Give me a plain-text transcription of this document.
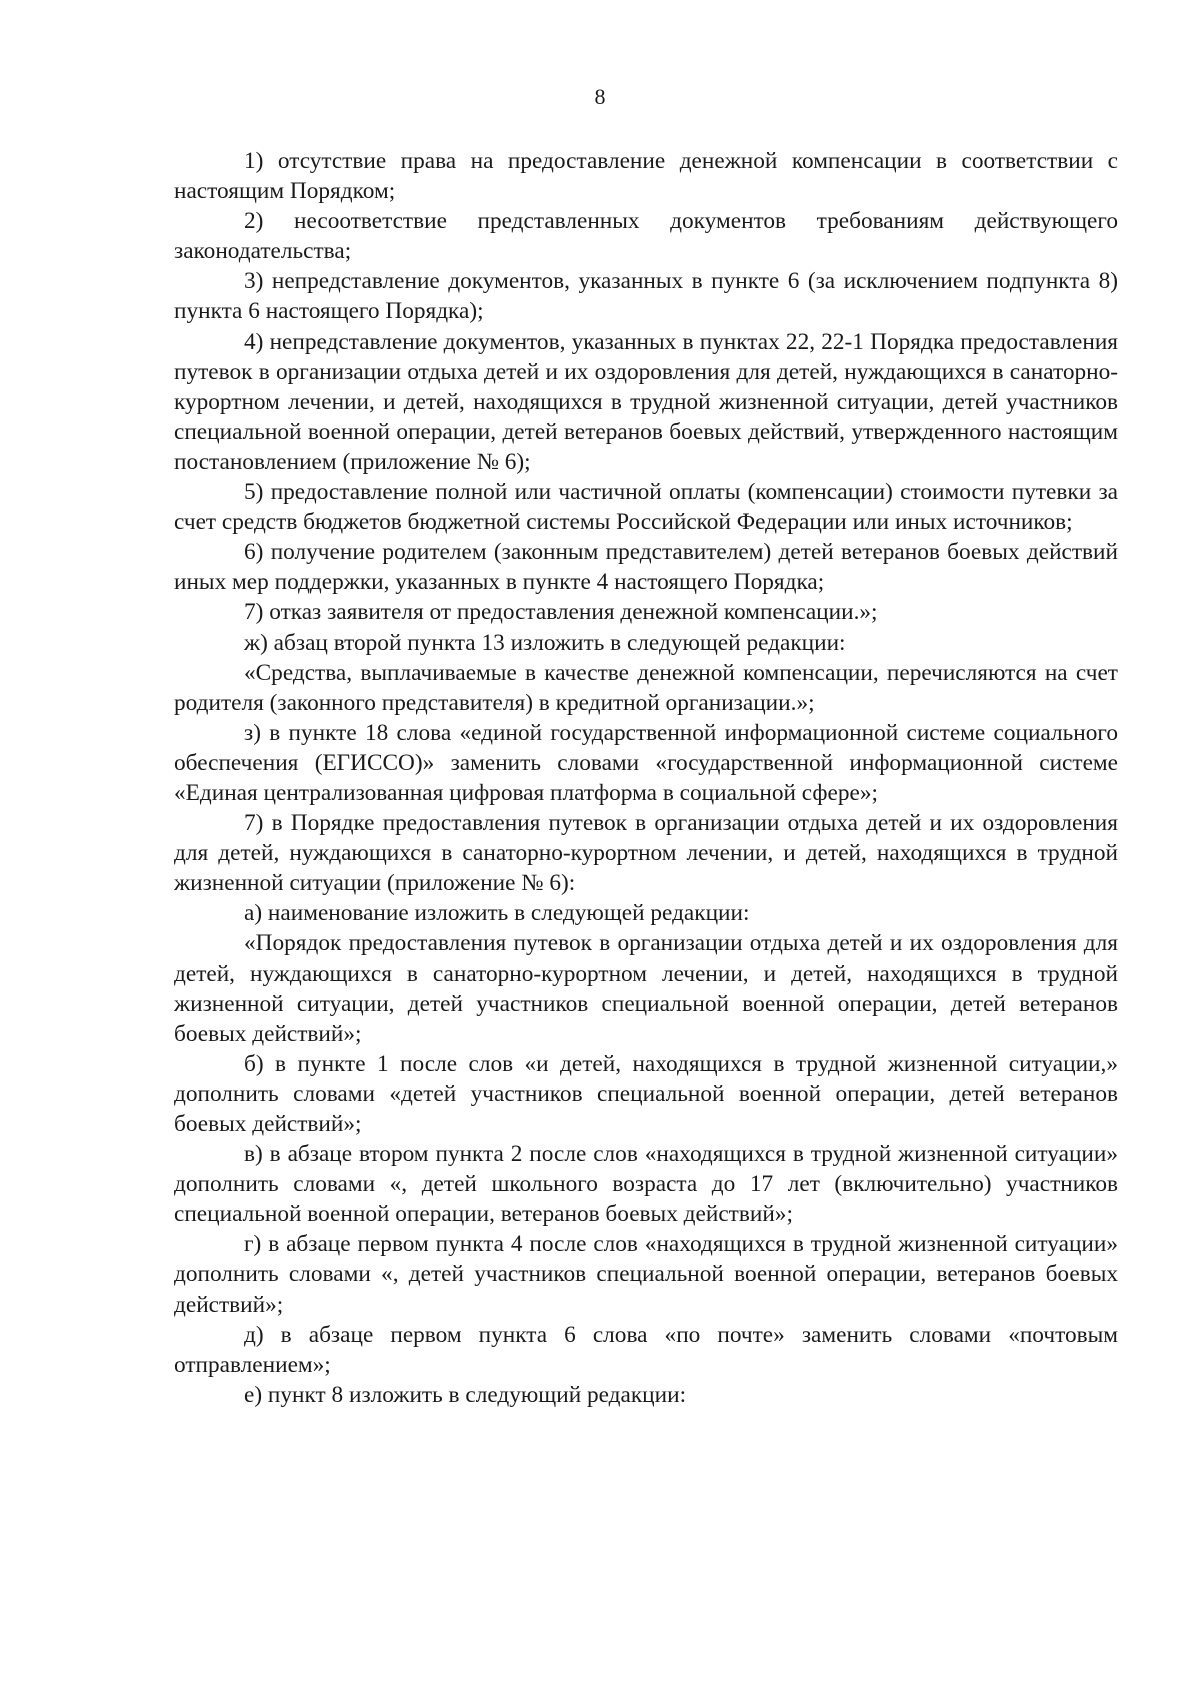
8

1) отсутствие права на предоставление денежной компенсации в соответствии с настоящим Порядком;

2) несоответствие представленных документов требованиям действующего законодательства;

3) непредставление документов, указанных в пункте 6 (за исключением подпункта 8) пункта 6 настоящего Порядка);

4) непредставление документов, указанных в пунктах 22, 22-1 Порядка предоставления путевок в организации отдыха детей и их оздоровления для детей, нуждающихся в санаторно-курортном лечении, и детей, находящихся в трудной жизненной ситуации, детей участников специальной военной операции, детей ветеранов боевых действий, утвержденного настоящим постановлением (приложение № 6);

5) предоставление полной или частичной оплаты (компенсации) стоимости путевки за счет средств бюджетов бюджетной системы Российской Федерации или иных источников;

6) получение родителем (законным представителем) детей ветеранов боевых действий иных мер поддержки, указанных в пункте 4 настоящего Порядка;

7) отказ заявителя от предоставления денежной компенсации.»;

ж) абзац второй пункта 13 изложить в следующей редакции:

«Средства, выплачиваемые в качестве денежной компенсации, перечисляются на счет родителя (законного представителя) в кредитной организации.»;

з) в пункте 18 слова «единой государственной информационной системе социального обеспечения (ЕГИССО)» заменить словами «государственной информационной системе «Единая централизованная цифровая платформа в социальной сфере»;

7) в Порядке предоставления путевок в организации отдыха детей и их оздоровления для детей, нуждающихся в санаторно-курортном лечении, и детей, находящихся в трудной жизненной ситуации (приложение № 6):

а) наименование изложить в следующей редакции:

«Порядок предоставления путевок в организации отдыха детей и их оздоровления для детей, нуждающихся в санаторно-курортном лечении, и детей, находящихся в трудной жизненной ситуации, детей участников специальной военной операции, детей ветеранов боевых действий»;

б) в пункте 1 после слов «и детей, находящихся в трудной жизненной ситуации,» дополнить словами «детей участников специальной военной операции, детей ветеранов боевых действий»;

в) в абзаце втором пункта 2 после слов «находящихся в трудной жизненной ситуации» дополнить словами «, детей школьного возраста до 17 лет (включительно) участников специальной военной операции, ветеранов боевых действий»;

г) в абзаце первом пункта 4 после слов «находящихся в трудной жизненной ситуации» дополнить словами «, детей участников специальной военной операции, ветеранов боевых действий»;

д) в абзаце первом пункта 6 слова «по почте» заменить словами «почтовым отправлением»;

е) пункт 8 изложить в следующий редакции:
